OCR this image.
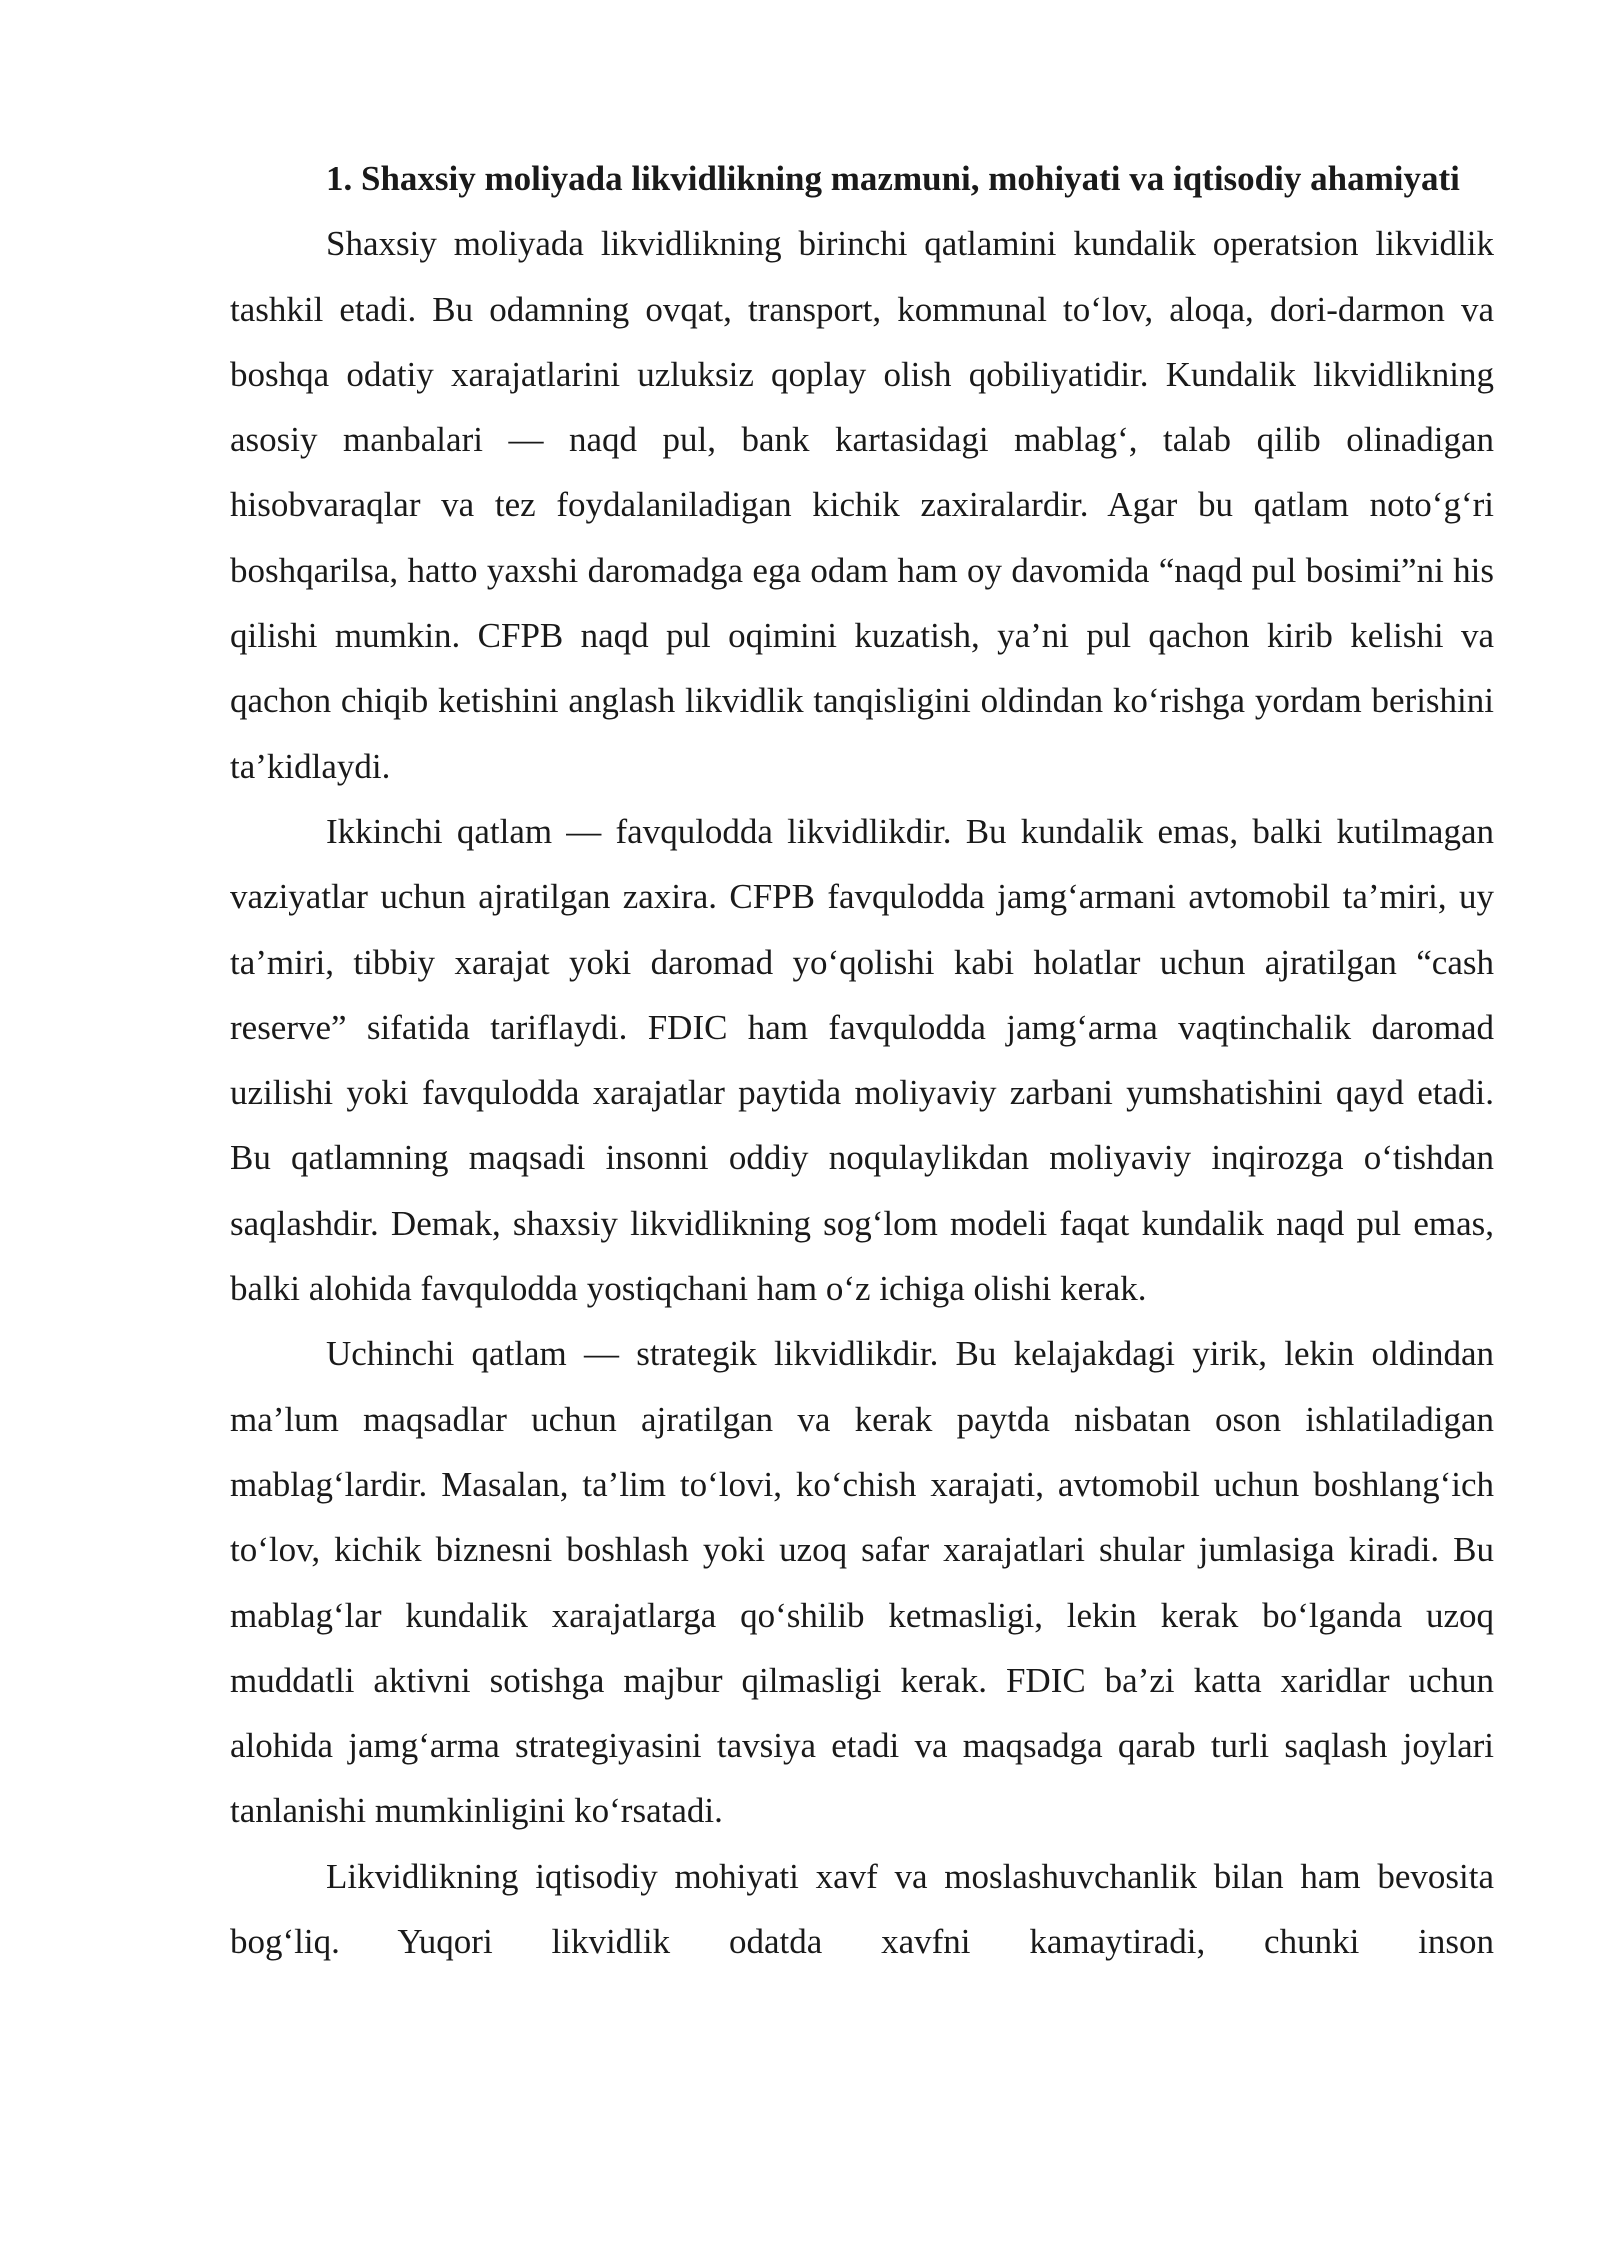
1. Shaxsiy moliyada likvidlikning mazmuni, mohiyati va iqtisodiy ahamiyati

Shaxsiy moliyada likvidlikning birinchi qatlamini kundalik operatsion likvidlik tashkil etadi. Bu odamning ovqat, transport, kommunal to‘lov, aloqa, dori-darmon va boshqa odatiy xarajatlarini uzluksiz qoplay olish qobiliyatidir. Kundalik likvidlikning asosiy manbalari — naqd pul, bank kartasidagi mablag‘, talab qilib olinadigan hisobvaraqlar va tez foydalaniladigan kichik zaxiralardir. Agar bu qatlam noto‘g‘ri boshqarilsa, hatto yaxshi daromadga ega odam ham oy davomida “naqd pul bosimi”ni his qilishi mumkin. CFPB naqd pul oqimini kuzatish, ya’ni pul qachon kirib kelishi va qachon chiqib ketishini anglash likvidlik tanqisligini oldindan ko‘rishga yordam berishini ta’kidlaydi.

Ikkinchi qatlam — favqulodda likvidlikdir. Bu kundalik emas, balki kutilmagan vaziyatlar uchun ajratilgan zaxira. CFPB favqulodda jamg‘armani avtomobil ta’miri, uy ta’miri, tibbiy xarajat yoki daromad yo‘qolishi kabi holatlar uchun ajratilgan “cash reserve” sifatida tariflaydi. FDIC ham favqulodda jamg‘arma vaqtinchalik daromad uzilishi yoki favqulodda xarajatlar paytida moliyaviy zarbani yumshatishini qayd etadi. Bu qatlamning maqsadi insonni oddiy noqulaylikdan moliyaviy inqirozga o‘tishdan saqlashdir. Demak, shaxsiy likvidlikning sog‘lom modeli faqat kundalik naqd pul emas, balki alohida favqulodda yostiqchani ham o‘z ichiga olishi kerak.

Uchinchi qatlam — strategik likvidlikdir. Bu kelajakdagi yirik, lekin oldindan ma’lum maqsadlar uchun ajratilgan va kerak paytda nisbatan oson ishlatiladigan mablag‘lardir. Masalan, ta’lim to‘lovi, ko‘chish xarajati, avtomobil uchun boshlang‘ich to‘lov, kichik biznesni boshlash yoki uzoq safar xarajatlari shular jumlasiga kiradi. Bu mablag‘lar kundalik xarajatlarga qo‘shilib ketmasligi, lekin kerak bo‘lganda uzoq muddatli aktivni sotishga majbur qilmasligi kerak. FDIC ba’zi katta xaridlar uchun alohida jamg‘arma strategiyasini tavsiya etadi va maqsadga qarab turli saqlash joylari tanlanishi mumkinligini ko‘rsatadi.

Likvidlikning iqtisodiy mohiyati xavf va moslashuvchanlik bilan ham bevosita bog‘liq. Yuqori likvidlik odatda xavfni kamaytiradi, chunki inson
